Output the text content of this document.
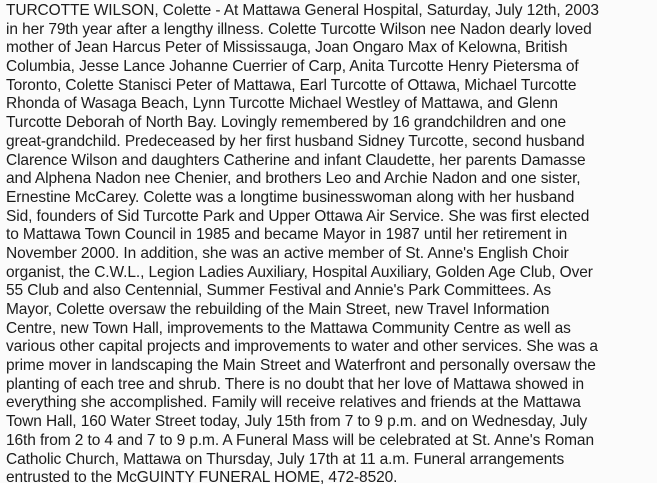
TURCOTTE WILSON, Colette - At Mattawa General Hospital, Saturday, July 12th, 2003
in her 79th year after a lengthy illness. Colette Turcotte Wilson nee Nadon dearly loved
mother of Jean Harcus Peter of Mississauga, Joan Ongaro Max of Kelowna, British
Columbia, Jesse Lance Johanne Cuerrier of Carp, Anita Turcotte Henry Pietersma of
Toronto, Colette Stanisci Peter of Mattawa, Earl Turcotte of Ottawa, Michael Turcotte
Rhonda of Wasaga Beach, Lynn Turcotte Michael Westley of Mattawa, and Glenn
Turcotte Deborah of North Bay. Lovingly remembered by 16 grandchildren and one
great-grandchild. Predeceased by her first husband Sidney Turcotte, second husband
Clarence Wilson and daughters Catherine and infant Claudette, her parents Damasse
and Alphena Nadon nee Chenier, and brothers Leo and Archie Nadon and one sister,
Ernestine McCarey. Colette was a longtime businesswoman along with her husband
Sid, founders of Sid Turcotte Park and Upper Ottawa Air Service. She was first elected
to Mattawa Town Council in 1985 and became Mayor in 1987 until her retirement in
November 2000. In addition, she was an active member of St. Anne's English Choir
organist, the C.W.L., Legion Ladies Auxiliary, Hospital Auxiliary, Golden Age Club, Over
55 Club and also Centennial, Summer Festival and Annie's Park Committees. As
Mayor, Colette oversaw the rebuilding of the Main Street, new Travel Information
Centre, new Town Hall, improvements to the Mattawa Community Centre as well as
various other capital projects and improvements to water and other services. She was a
prime mover in landscaping the Main Street and Waterfront and personally oversaw the
planting of each tree and shrub. There is no doubt that her love of Mattawa showed in
everything she accomplished. Family will receive relatives and friends at the Mattawa
Town Hall, 160 Water Street today, July 15th from 7 to 9 p.m. and on Wednesday, July
16th from 2 to 4 and 7 to 9 p.m. A Funeral Mass will be celebrated at St. Anne's Roman
Catholic Church, Mattawa on Thursday, July 17th at 11 a.m. Funeral arrangements
entrusted to the McGUINTY FUNERAL HOME, 472-8520.
